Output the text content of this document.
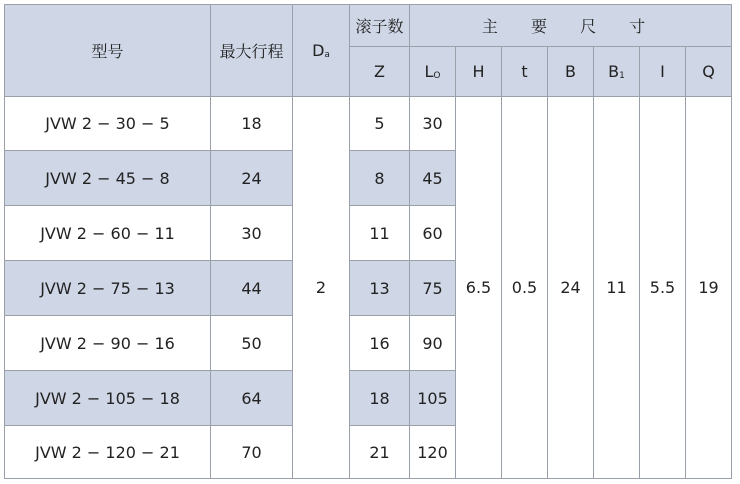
型号	最大行程	$D_a$	滚子数	主 要 尺 寸						
			Z	$L_O$	H	t	B	$B_1$	I	Q
JVW 2 − 30 − 5	18	2	5	30	6.5	0.5	24	11	5.5	19
JVW 2 − 45 − 8	24		8	45						
JVW 2 − 60 − 11	30		11	60						
JVW 2 − 75 − 13	44		13	75						
JVW 2 − 90 − 16	50		16	90						
JVW 2 − 105 − 18	64		18	105						
JVW 2 − 120 − 21	70		21	120						
